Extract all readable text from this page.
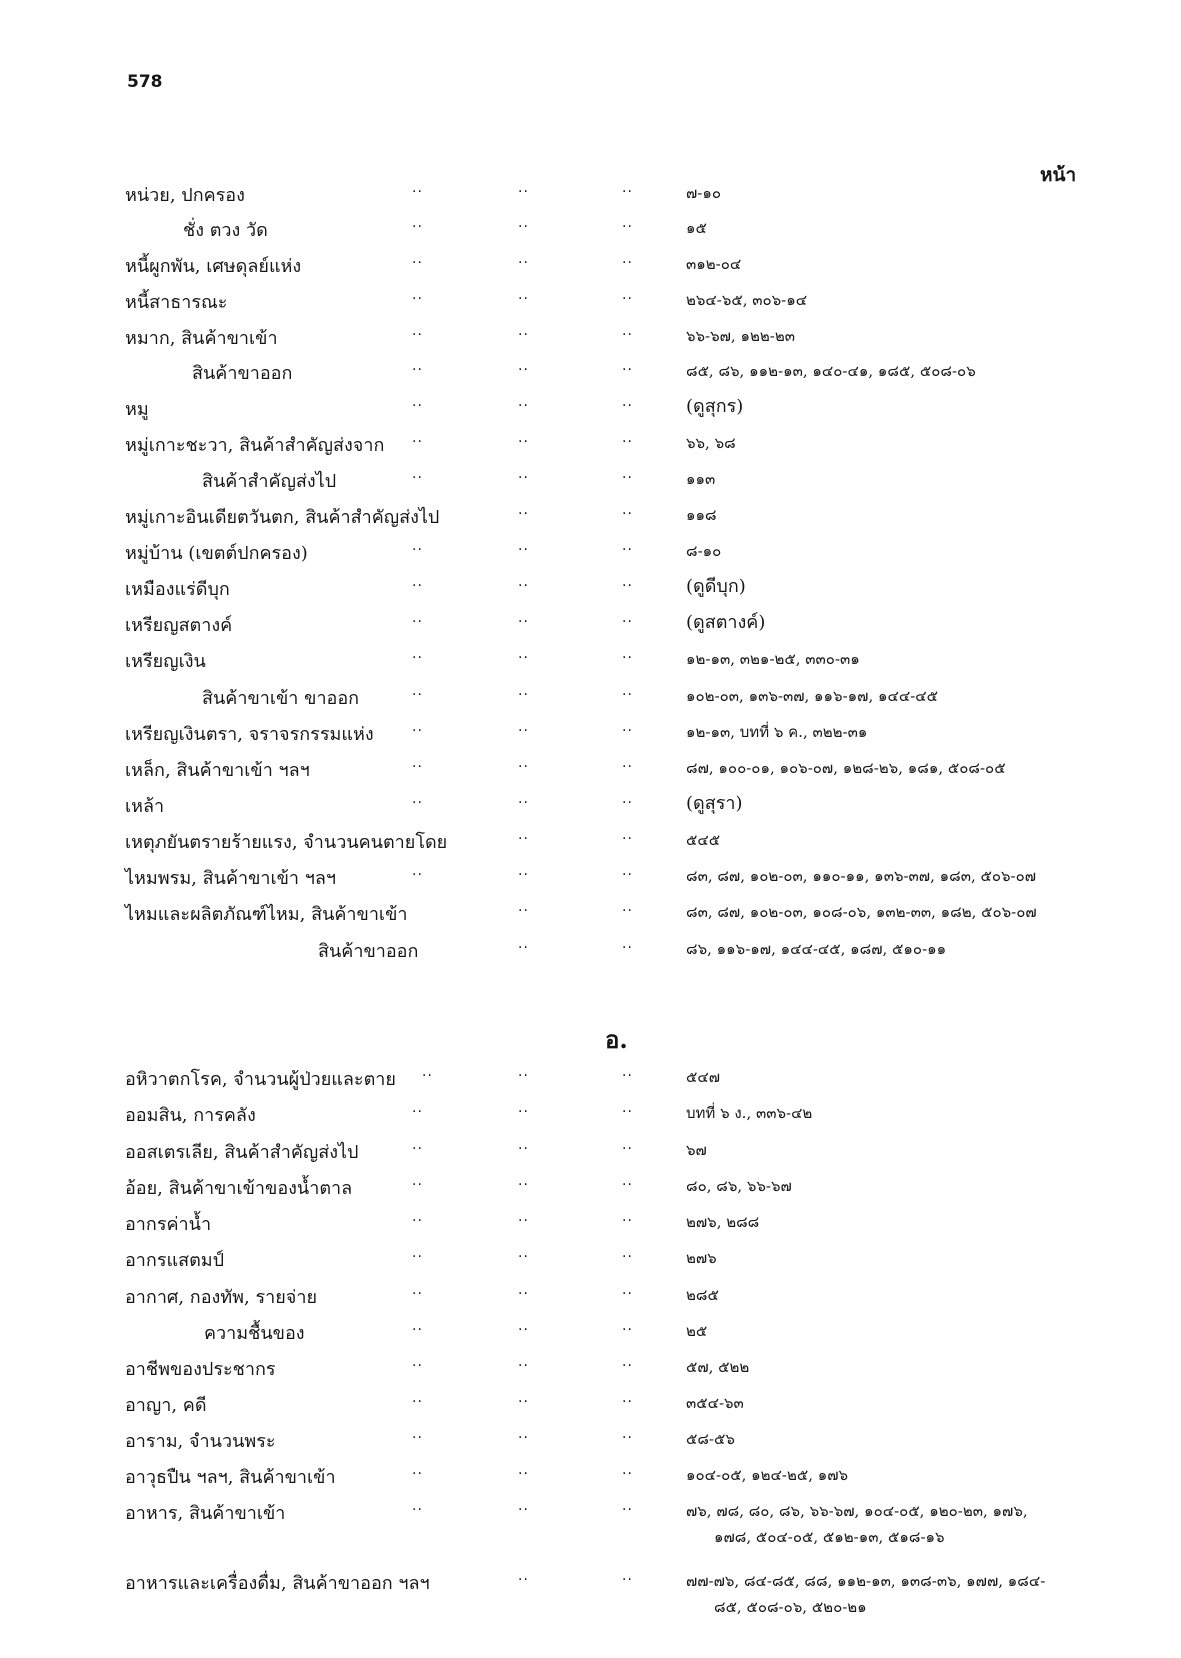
578
หน้า
หน่วย, ปกครอง	..	..	..	๗-๑๐
ชั่ง ตวง วัด	..	..	..	๑๕
หนี้ผูกพัน, เศษดุลย์แห่ง	..	..	..	๓๑๒-๐๔
หนี้สาธารณะ	..	..	..	๒๖๔-๖๕, ๓๐๖-๑๔
หมาก, สินค้าขาเข้า	..	..	..	๖๖-๖๗, ๑๒๒-๒๓
สินค้าขาออก	..	..	..	๘๕, ๘๖, ๑๑๒-๑๓, ๑๔๐-๔๑, ๑๘๕, ๕๐๘-๐๖
หมู	..	..	..	(ดูสุกร)
หมู่เกาะชะวา, สินค้าสำคัญส่งจาก ..	..	..	๖๖, ๖๘
สินค้าสำคัญส่งไป	..	..	..	๑๑๓
หมู่เกาะอินเดียตวันตก, สินค้าสำคัญส่งไป	..	..	๑๑๘
หมู่บ้าน (เขตต์ปกครอง)	..	..	..	๘-๑๐
เหมืองแร่ดีบุก	..	..	..	(ดูดีบุก)
เหรียญสตางค์	..	..	..	(ดูสตางค์)
เหรียญเงิน	..	..	..	๑๒-๑๓, ๓๒๑-๒๕, ๓๓๐-๓๑
สินค้าขาเข้า ขาออก	..	..	..	๑๐๒-๐๓, ๑๓๖-๓๗, ๑๑๖-๑๗, ๑๔๔-๔๕
เหรียญเงินตรา, จราจรกรรมแห่ง	..	..	..	๑๒-๑๓, บทที่ ๖ ค., ๓๒๒-๓๑
เหล็ก, สินค้าขาเข้า ฯลฯ	..	..	..	๘๗, ๑๐๐-๐๑, ๑๐๖-๐๗, ๑๒๘-๒๖, ๑๘๑, ๕๐๘-๐๕
เหล้า	..	..	..	(ดูสุรา)
เหตุภยันตรายร้ายแรง, จำนวนคนตายโดย	..	..	๕๔๕
ไหมพรม, สินค้าขาเข้า ฯลฯ	..	..	..	๘๓, ๘๗, ๑๐๒-๐๓, ๑๑๐-๑๑, ๑๓๖-๓๗, ๑๘๓, ๕๐๖-๐๗
ไหมและผลิตภัณฑ์ไหม, สินค้าขาเข้า	..	..	๘๓, ๘๗, ๑๐๒-๐๓, ๑๐๘-๐๖, ๑๓๒-๓๓, ๑๘๒, ๕๐๖-๐๗
สินค้าขาออก	..	..	๘๖, ๑๑๖-๑๗, ๑๔๔-๔๕, ๑๘๗, ๕๑๐-๑๑
อ.
อหิวาตกโรค, จำนวนผู้ป่วยและตาย ..	..	..	๕๔๗
ออมสิน, การคลัง	..	..	..	บทที่ ๖ ง., ๓๓๖-๔๒
ออสเตรเลีย, สินค้าสำคัญส่งไป	..	..	..	๖๗
อ้อย, สินค้าขาเข้าของน้ำตาล	..	..	..	๘๐, ๘๖, ๖๖-๖๗
อากรค่าน้ำ	..	..	..	๒๗๖, ๒๘๘
อากรแสตมป์	..	..	..	๒๗๖
อากาศ, กองทัพ, รายจ่าย	..	..	..	๒๘๕
ความชื้นของ	..	..	..	๒๕
อาชีพของประชากร	..	..	..	๕๗, ๕๒๒
อาญา, คดี	..	..	..	๓๕๔-๖๓
อาราม, จำนวนพระ	..	..	..	๕๘-๕๖
อาวุธปืน ฯลฯ, สินค้าขาเข้า	..	..	..	๑๐๔-๐๕, ๑๒๔-๒๕, ๑๗๖
อาหาร, สินค้าขาเข้า	..	..	..	๗๖, ๗๘, ๘๐, ๘๖, ๖๖-๖๗, ๑๐๔-๐๕, ๑๒๐-๒๓, ๑๗๖,
๑๗๘, ๕๐๔-๐๕, ๕๑๒-๑๓, ๕๑๘-๑๖
อาหารและเครื่องดื่ม, สินค้าขาออก ฯลฯ	..	..	๗๗-๗๖, ๘๔-๘๕, ๘๘, ๑๑๒-๑๓, ๑๓๘-๓๖, ๑๗๗, ๑๘๔-
๘๕, ๕๐๘-๐๖, ๕๒๐-๒๑
